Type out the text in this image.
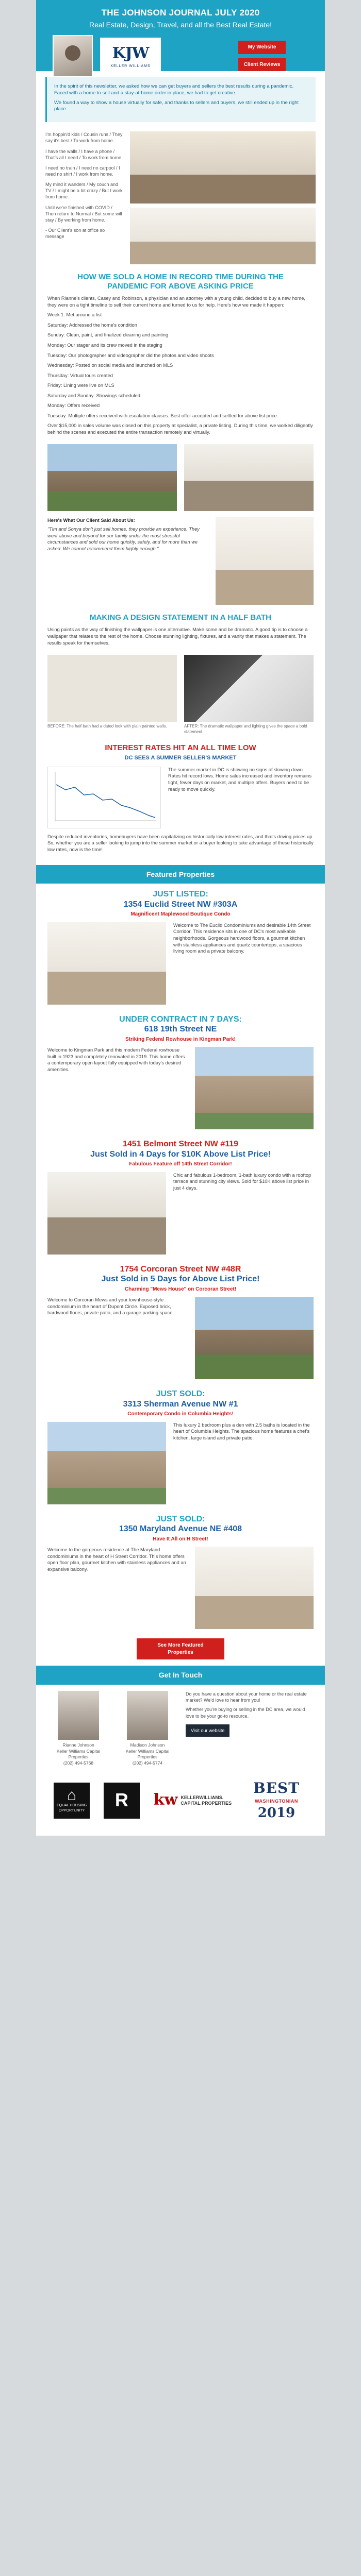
THE JOHNSON JOURNAL JULY 2020
Real Estate, Design, Travel, and all the Best Real Estate!
KJW
KELLER WILLIAMS
My Website
Client Reviews

In the spirit of this newsletter, we asked how we can get buyers and sellers the best results during a pandemic. Faced with a home to sell and a stay-at-home order in place, we had to get creative.

We found a way to show a house virtually for safe, and thanks to sellers and buyers, we still ended up in the right place.

I'm hoppin'd kids / Cousin runs / They say it's best / To work from home.

I have the walls / I have a phone / That's all I need / To work from home.

I need no train / I need no carpool / I need no shirt / I work from home.

My mind it wanders / My couch and TV / I might be a bit crazy / But I work from home.

Until we're finished with COVID / Then return to Normal / But some will stay / By working from home.

- Our Client's son at office so message

HOW WE SOLD A HOME IN RECORD TIME DURING THE PANDEMIC FOR ABOVE ASKING PRICE

When Rianne's clients, Casey and Robinson, a physician and an attorney with a young child, decided to buy a new home, they were on a tight timeline to sell their current home and turned to us for help. Here's how we made it happen:

Week 1: Met around a list

Saturday: Addressed the home's condition

Sunday: Clean, paint, and finalized cleaning and painting

Monday: Our stager and its crew moved in the staging

Tuesday: Our photographer and videographer did the photos and video shoots

Wednesday: Posted on social media and launched on MLS

Thursday: Virtual tours created

Friday: Lining were live on MLS

Saturday and Sunday: Showings scheduled

Monday: Offers received

Tuesday: Multiple offers received with escalation clauses. Best offer accepted and settled for above list price.

Over $15,000 in sales volume was closed on this property at specialist, a private listing. During this time, we worked diligently behind the scenes and executed the entire transaction remotely and virtually.

Here's What Our Client Said About Us:
"Tim and Sonya don't just sell homes, they provide an experience. They went above and beyond for our family under the most stressful circumstances and sold our home quickly, safely, and for more than we asked. We cannot recommend them highly enough."
MAKING A DESIGN STATEMENT IN A HALF BATH

Using paints as the way of finishing the wallpaper is one alternative. Make some and be dramatic. A good tip is to choose a wallpaper that relates to the rest of the home. Choose stunning lighting, fixtures, and a vanity that makes a statement. The results speak for themselves.

BEFORE: The half bath had a dated look with plain painted walls.	AFTER: The dramatic wallpaper and lighting gives the space a bold statement.
INTEREST RATES HIT AN ALL TIME LOW
DC SEES A SUMMER SELLER'S MARKET
The summer market in DC is showing no signs of slowing down. Rates hit record lows. Home sales increased and inventory remains tight, fewer days on market, and multiple offers. Buyers need to be ready to move quickly.

Despite reduced inventories, homebuyers have been capitalizing on historically low interest rates, and that's driving prices up. So, whether you are a seller looking to jump into the summer market or a buyer looking to take advantage of these historically low rates, now is the time!

Featured Properties
JUST LISTED:
1354 Euclid Street NW #303A
Magnificent Maplewood Boutique Condo
Welcome to The Euclid Condominiums and desirable 14th Street Corridor. This residence sits in one of DC's most walkable neighborhoods. Gorgeous hardwood floors, a gourmet kitchen with stainless appliances and quartz countertops, a spacious living room and a private balcony.
UNDER CONTRACT IN 7 DAYS:
618 19th Street NE
Striking Federal Rowhouse in Kingman Park!
Welcome to Kingman Park and this modern Federal rowhouse built in 1923 and completely renovated in 2019. This home offers a contemporary open layout fully equipped with today's desired amenities.
1451 Belmont Street NW #119
Just Sold in 4 Days for $10K Above List Price!
Fabulous Feature off 14th Street Corridor!
Chic and fabulous 1-bedroom, 1-bath luxury condo with a rooftop terrace and stunning city views. Sold for $10K above list price in just 4 days.
1754 Corcoran Street NW #48R
Just Sold in 5 Days for Above List Price!
Charming "Mews House" on Corcoran Street!
Welcome to Corcoran Mews and your townhouse-style condominium in the heart of Dupont Circle. Exposed brick, hardwood floors, private patio, and a garage parking space.
JUST SOLD:
3313 Sherman Avenue NW #1
Contemporary Condo in Columbia Heights!
This luxury 2 bedroom plus a den with 2.5 baths is located in the heart of Columbia Heights. The spacious home features a chef's kitchen, large island and private patio.
JUST SOLD:
1350 Maryland Avenue NE #408
Have It All on H Street!
Welcome to the gorgeous residence at The Maryland condominiums in the heart of H Street Corridor. This home offers open floor plan, gourmet kitchen with stainless appliances and an expansive balcony.
See More Featured Properties
Get In Touch
Rianne Johnson
Keller Williams Capital Properties
(202) 494-5768
Madison Johnson
Keller Williams Capital Properties
(202) 494-5774

Do you have a question about your home or the real estate market? We'd love to hear from you!

Whether you're buying or selling in the DC area, we would love to be your go-to resource.

Visit our website
⌂
EQUAL HOUSING OPPORTUNITY	R	kw KELLERWILLIAMS.
CAPITAL PROPERTIES
BEST
WASHINGTONIAN
2019
